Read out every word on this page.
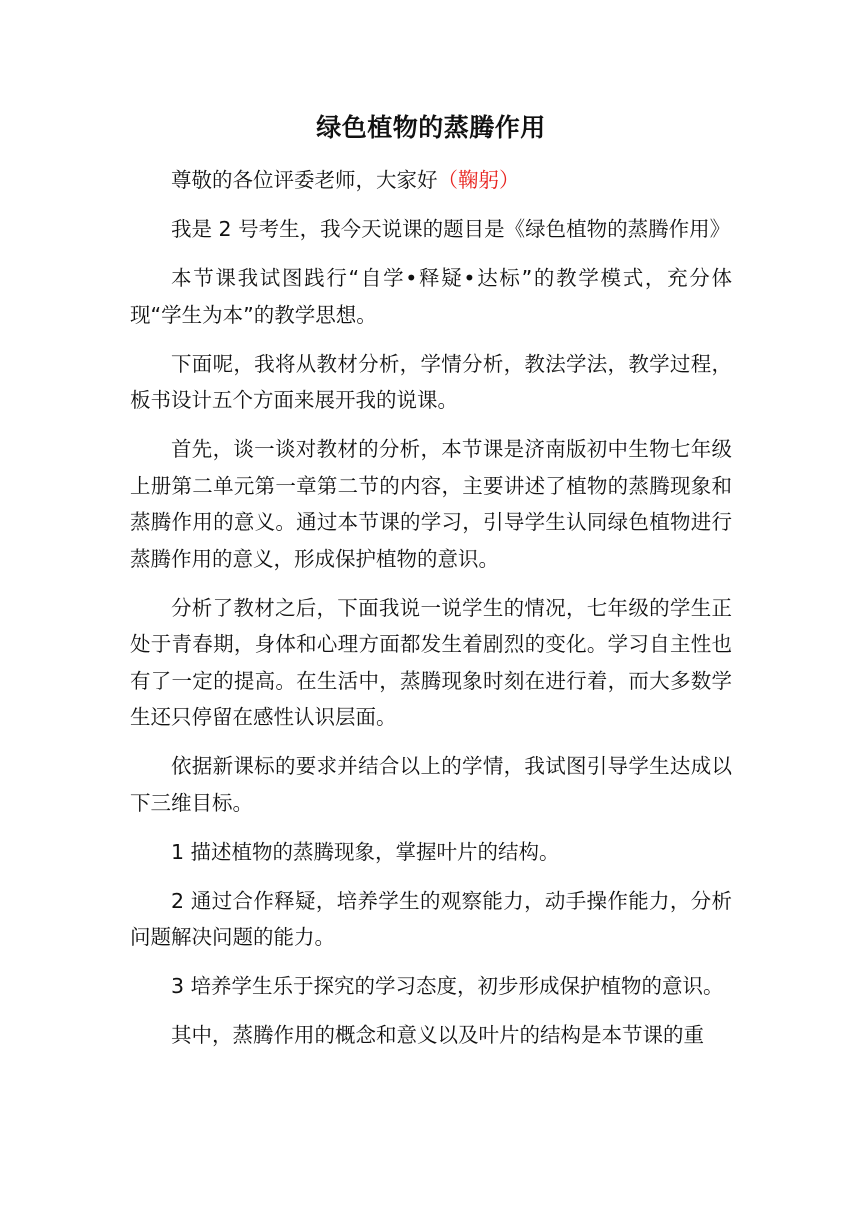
绿色植物的蒸腾作用

尊敬的各位评委老师，大家好（鞠躬）

我是 2 号考生，我今天说课的题目是《绿色植物的蒸腾作用》

本节课我试图践行“自学•释疑•达标”的教学模式，充分体现“学生为本”的教学思想。

下面呢，我将从教材分析，学情分析，教法学法，教学过程，板书设计五个方面来展开我的说课。

首先，谈一谈对教材的分析，本节课是济南版初中生物七年级上册第二单元第一章第二节的内容，主要讲述了植物的蒸腾现象和蒸腾作用的意义。通过本节课的学习，引导学生认同绿色植物进行蒸腾作用的意义，形成保护植物的意识。

分析了教材之后，下面我说一说学生的情况，七年级的学生正处于青春期，身体和心理方面都发生着剧烈的变化。学习自主性也有了一定的提高。在生活中，蒸腾现象时刻在进行着，而大多数学生还只停留在感性认识层面。

依据新课标的要求并结合以上的学情，我试图引导学生达成以下三维目标。

1 描述植物的蒸腾现象，掌握叶片的结构。

2 通过合作释疑，培养学生的观察能力，动手操作能力，分析问题解决问题的能力。

3 培养学生乐于探究的学习态度，初步形成保护植物的意识。

其中，蒸腾作用的概念和意义以及叶片的结构是本节课的重
